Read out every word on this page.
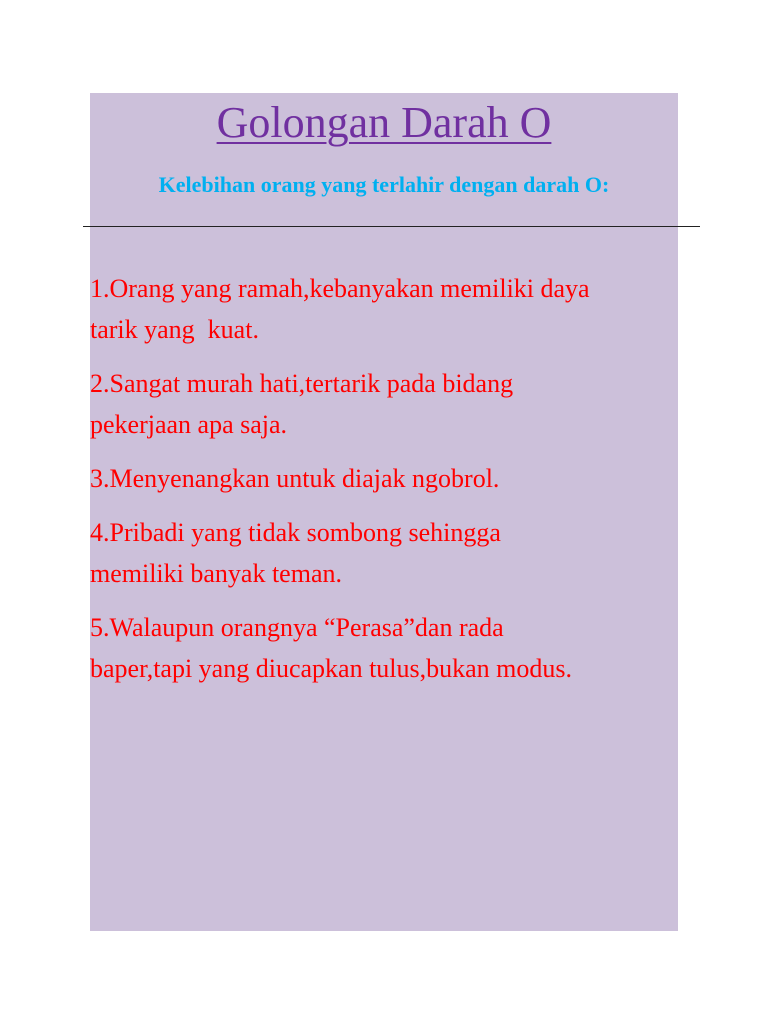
Golongan Darah O

Kelebihan orang yang terlahir dengan darah O:

1.Orang yang ramah,kebanyakan memiliki daya
tarik yang  kuat.
2.Sangat murah hati,tertarik pada bidang
pekerjaan apa saja.
3.Menyenangkan untuk diajak ngobrol.
4.Pribadi yang tidak sombong sehingga
memiliki banyak teman.
5.Walaupun orangnya “Perasa”dan rada
baper,tapi yang diucapkan tulus,bukan modus.
